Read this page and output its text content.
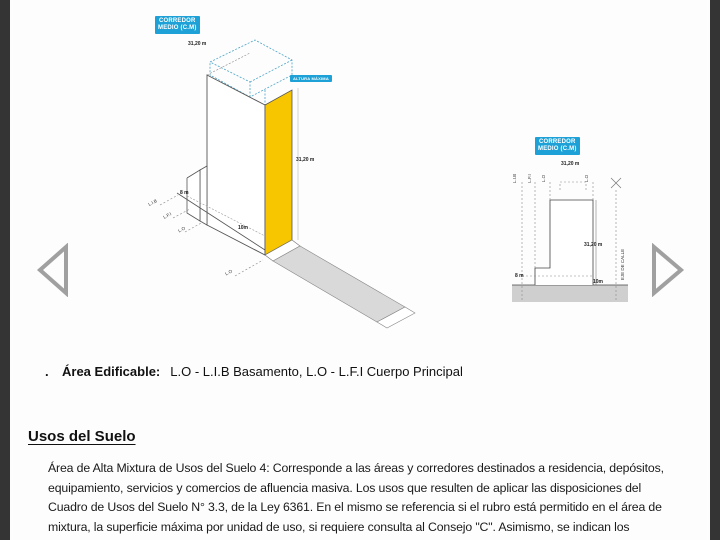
CORREDOR
MEDIO (C.M)
31,20 m
ALTURA MÁXIMA
31,20 m
8 m
10m
L.I.B
L.F.I
L.O
L.O
CORREDOR
MEDIO (C.M)
31,20 m
31,20 m
8 m
10m
EJE DE CALLE
L.I.B L.F.I L.O	L.O
. Área Edificable: L.O - L.I.B Basamento, L.O - L.F.I Cuerpo Principal
Usos del Suelo
Área de Alta Mixtura de Usos del Suelo 4: Corresponde a las áreas y corredores destinados a residencia, depósitos,
equipamiento, servicios y comercios de afluencia masiva. Los usos que resulten de aplicar las disposiciones del
Cuadro de Usos del Suelo N° 3.3, de la Ley 6361. En el mismo se referencia si el rubro está permitido en el área de
mixtura, la superficie máxima por unidad de uso, si requiere consulta al Consejo "C". Asimismo, se indican los
